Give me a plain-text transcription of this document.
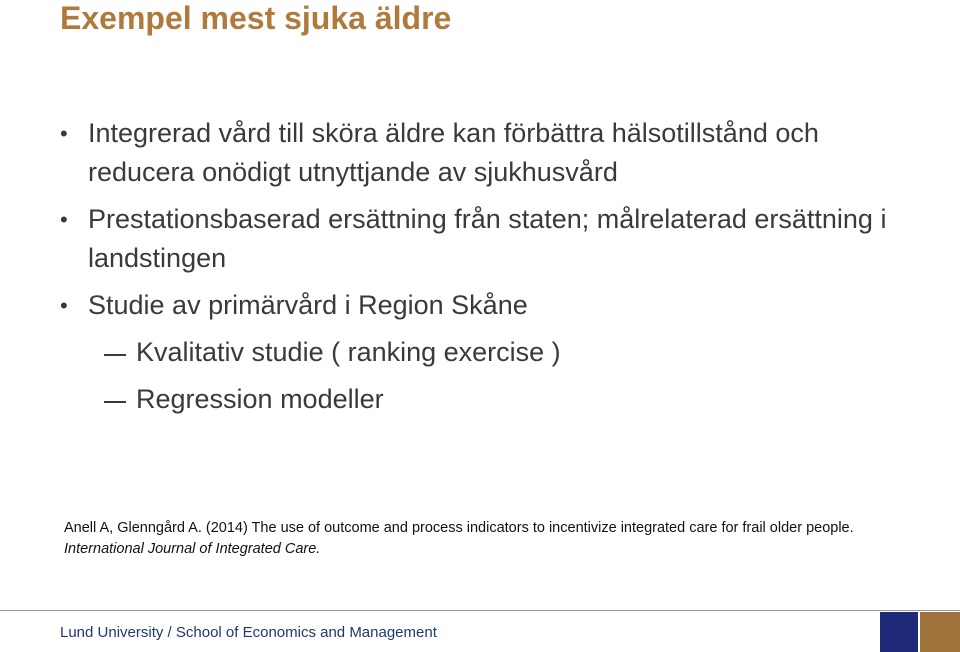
Exempel mest sjuka äldre
• Integrerad vård till sköra äldre kan förbättra hälsotillstånd och reducera onödigt utnyttjande av sjukhusvård
• Prestationsbaserad ersättning från staten; målrelaterad ersättning i landstingen
• Studie av primärvård i Region Skåne
Kvalitativ studie ( ranking exercise )
Regression modeller
Anell A, Glenngård A. (2014) The use of outcome and process indicators to incentivize integrated care for frail older people. International Journal of Integrated Care.
Lund University / School of Economics and Management
